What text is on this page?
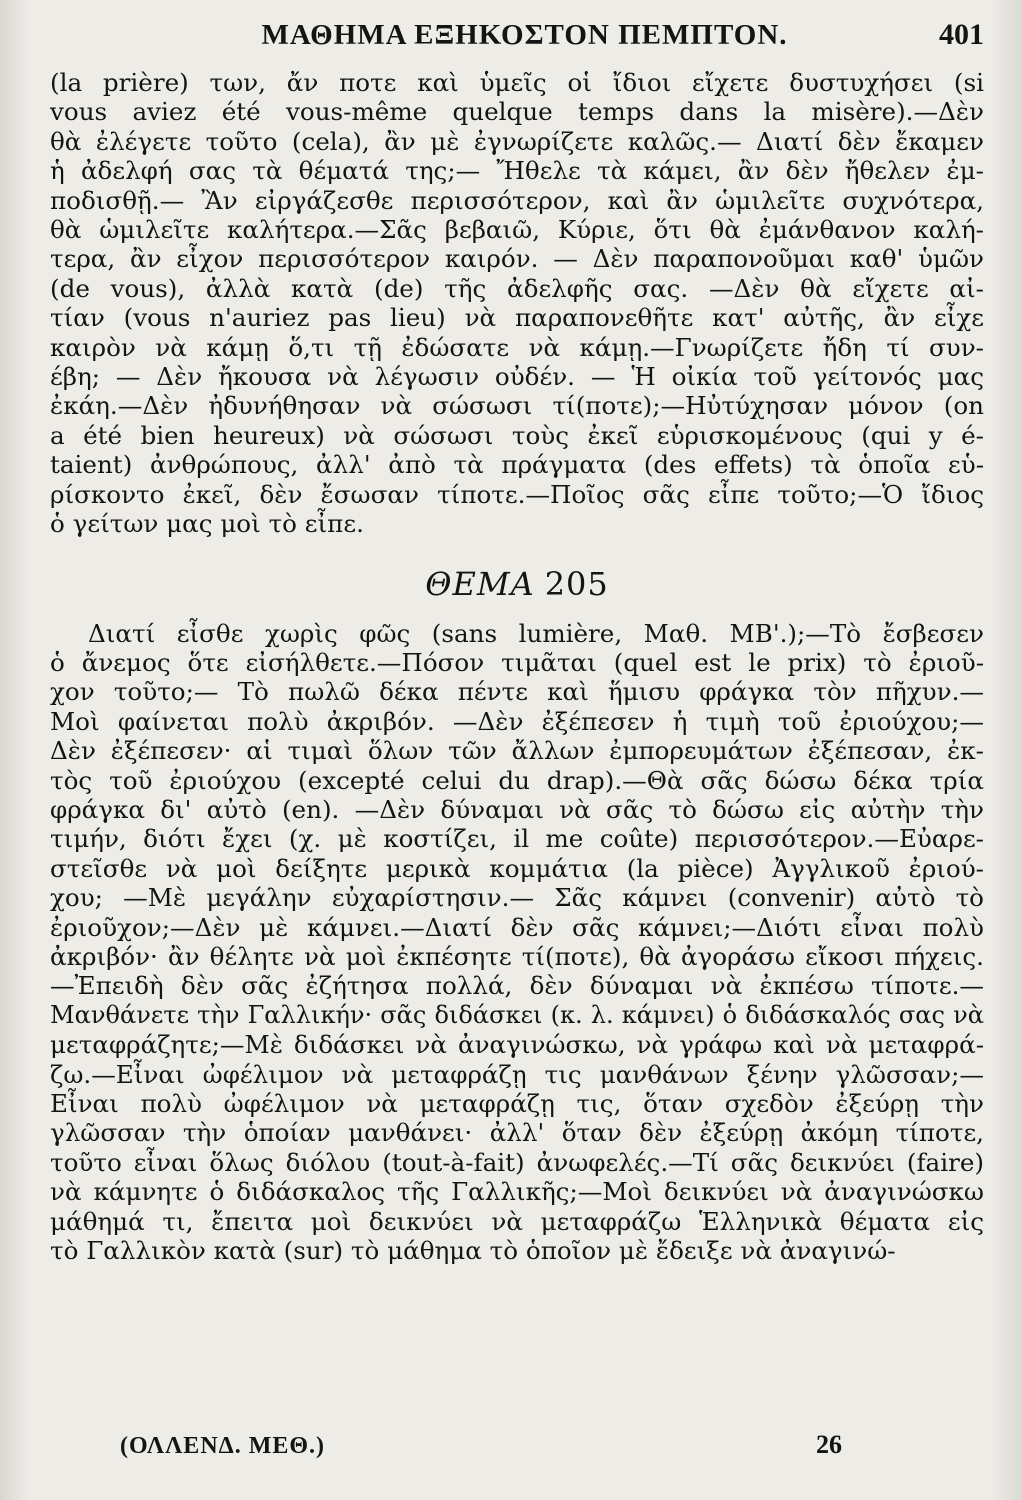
ΜΑΘΗΜΑ ΕΞΗΚΟΣΤΟΝ ΠΕΜΠΤΟΝ.	401

(la prière) των, ἄν ποτε καὶ ὑμεῖς οἱ ἴδιοι εἴχετε δυστυχήσει (si
vous aviez été vous-même quelque temps dans la misère).—Δὲν
θὰ ἐλέγετε τοῦτο (cela), ἂν μὲ ἐγνωρίζετε καλῶς.— Διατί δὲν ἔκαμεν
ἡ ἀδελφή σας τὰ θέματά της;— Ἤθελε τὰ κάμει, ἂν δὲν ἤθελεν ἐμ-
ποδισθῇ.— Ἂν εἰργάζεσθε περισσότερον, καὶ ἂν ὡμιλεῖτε συχνότερα,
θὰ ὡμιλεῖτε καλήτερα.—Σᾶς βεβαιῶ, Κύριε, ὅτι θὰ ἐμάνθανον καλή-
τερα, ἂν εἶχον περισσότερον καιρόν. — Δὲν παραπονοῦμαι καθ' ὑμῶν
(de vous), ἀλλὰ κατὰ (de) τῆς ἀδελφῆς σας. —Δὲν θὰ εἴχετε αἰ-
τίαν (vous n'auriez pas lieu) νὰ παραπονεθῆτε κατ' αὐτῆς, ἂν εἶχε
καιρὸν νὰ κάμῃ ὅ,τι τῇ ἐδώσατε νὰ κάμῃ.—Γνωρίζετε ἤδη τί συν-
έβη; — Δὲν ἤκουσα νὰ λέγωσιν οὐδέν. — Ἡ οἰκία τοῦ γείτονός μας
ἐκάη.—Δὲν ἠδυνήθησαν νὰ σώσωσι τί(ποτε);—Ηὐτύχησαν μόνον (on
a été bien heureux) νὰ σώσωσι τοὺς ἐκεῖ εὑρισκομένους (qui y é-
taient) ἀνθρώπους, ἀλλ' ἀπὸ τὰ πράγματα (des effets) τὰ ὁποῖα εὑ-
ρίσκοντο ἐκεῖ, δὲν ἔσωσαν τίποτε.—Ποῖος σᾶς εἶπε τοῦτο;—Ὁ ἴδιος
ὁ γείτων μας μοὶ τὸ εἶπε.

ΘΕΜΑ 205

Διατί εἶσθε χωρὶς φῶς (sans lumière, Μαθ. ΜΒ'.);—Τὸ ἔσβεσεν
ὁ ἄνεμος ὅτε εἰσήλθετε.—Πόσον τιμᾶται (quel est le prix) τὸ ἐριοῦ-
χον τοῦτο;— Τὸ πωλῶ δέκα πέντε καὶ ἥμισυ φράγκα τὸν πῆχυν.—
Μοὶ φαίνεται πολὺ ἀκριβόν. —Δὲν ἐξέπεσεν ἡ τιμὴ τοῦ ἐριούχου;—
Δὲν ἐξέπεσεν· αἱ τιμαὶ ὅλων τῶν ἄλλων ἐμπορευμάτων ἐξέπεσαν, ἐκ-
τὸς τοῦ ἐριούχου (excepté celui du drap).—Θὰ σᾶς δώσω δέκα τρία
φράγκα δι' αὐτὸ (en). —Δὲν δύναμαι νὰ σᾶς τὸ δώσω εἰς αὐτὴν τὴν
τιμήν, διότι ἔχει (χ. μὲ κοστίζει, il me coûte) περισσότερον.—Εὐαρε-
στεῖσθε νὰ μοὶ δείξητε μερικὰ κομμάτια (la pièce) Ἀγγλικοῦ ἐριού-
χου; —Μὲ μεγάλην εὐχαρίστησιν.— Σᾶς κάμνει (convenir) αὐτὸ τὸ
ἐριοῦχον;—Δὲν μὲ κάμνει.—Διατί δὲν σᾶς κάμνει;—Διότι εἶναι πολὺ
ἀκριβόν· ἂν θέλητε νὰ μοὶ ἐκπέσητε τί(ποτε), θὰ ἀγοράσω εἴκοσι πήχεις.
—Ἐπειδὴ δὲν σᾶς ἐζήτησα πολλά, δὲν δύναμαι νὰ ἐκπέσω τίποτε.—
Μανθάνετε τὴν Γαλλικήν· σᾶς διδάσκει (κ. λ. κάμνει) ὁ διδάσκαλός σας νὰ
μεταφράζητε;—Μὲ διδάσκει νὰ ἀναγινώσκω, νὰ γράφω καὶ νὰ μεταφρά-
ζω.—Εἶναι ὠφέλιμον νὰ μεταφράζῃ τις μανθάνων ξένην γλῶσσαν;—
Εἶναι πολὺ ὠφέλιμον νὰ μεταφράζῃ τις, ὅταν σχεδὸν ἐξεύρῃ τὴν
γλῶσσαν τὴν ὁποίαν μανθάνει· ἀλλ' ὅταν δὲν ἐξεύρῃ ἀκόμη τίποτε,
τοῦτο εἶναι ὅλως διόλου (tout-à-fait) ἀνωφελές.—Τί σᾶς δεικνύει (faire)
νὰ κάμνητε ὁ διδάσκαλος τῆς Γαλλικῆς;—Μοὶ δεικνύει νὰ ἀναγινώσκω
μάθημά τι, ἔπειτα μοὶ δεικνύει νὰ μεταφράζω Ἑλληνικὰ θέματα εἰς
τὸ Γαλλικὸν κατὰ (sur) τὸ μάθημα τὸ ὁποῖον μὲ ἔδειξε νὰ ἀναγινώ-

(ΟΛΛΕΝΔ. ΜΕΘ.)	26
